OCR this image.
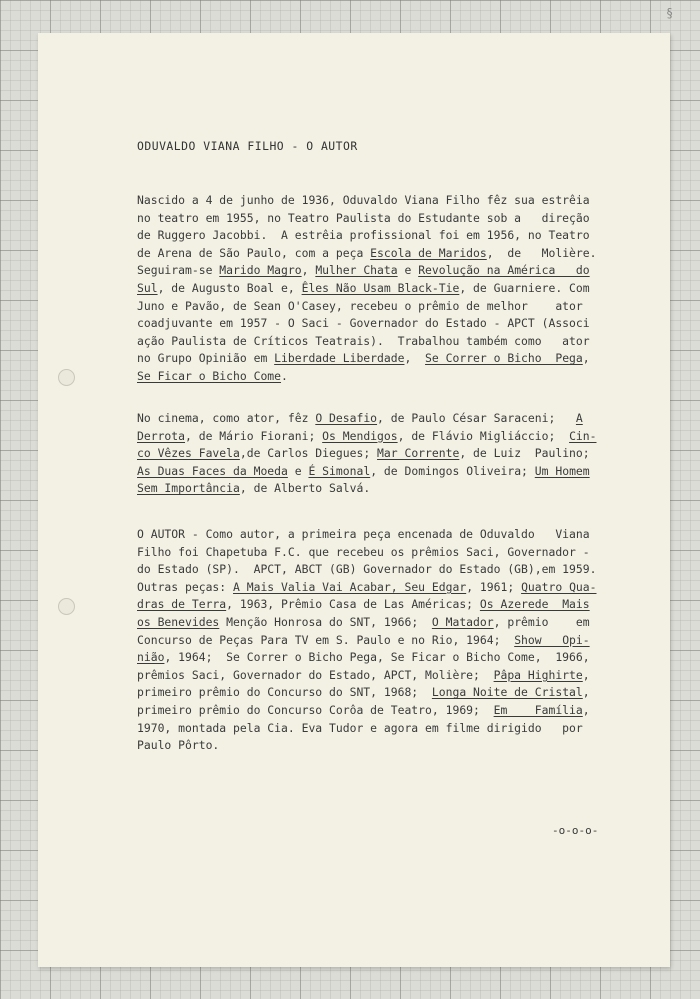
§
ODUVALDO VIANA FILHO - O AUTOR
Nascido a 4 de junho de 1936, Oduvaldo Viana Filho fêz sua estrêia
no teatro em 1955, no Teatro Paulista do Estudante sob a   direção
de Ruggero Jacobbi.  A estrêia profissional foi em 1956, no Teatro
de Arena de São Paulo, com a peça Escola de Maridos,  de   Molière.
Seguiram-se Marido Magro, Mulher Chata e Revolução na América   do
Sul, de Augusto Boal e, Êles Não Usam Black-Tie, de Guarniere. Com
Juno e Pavão, de Sean O'Casey, recebeu o prêmio de melhor    ator
coadjuvante em 1957 - O Saci - Governador do Estado - APCT (Associ
ação Paulista de Críticos Teatrais).  Trabalhou também como   ator
no Grupo Opinião em Liberdade Liberdade,  Se Correr o Bicho  Pega,
Se Ficar o Bicho Come.
No cinema, como ator, fêz O Desafio, de Paulo César Saraceni;   A
Derrota, de Mário Fiorani; Os Mendigos, de Flávio Migliáccio;  Cin-
co Vêzes Favela,de Carlos Diegues; Mar Corrente, de Luiz  Paulino;
As Duas Faces da Moeda e É Simonal, de Domingos Oliveira; Um Homem
Sem Importância, de Alberto Salvá.
O AUTOR - Como autor, a primeira peça encenada de Oduvaldo   Viana
Filho foi Chapetuba F.C. que recebeu os prêmios Saci, Governador -
do Estado (SP).  APCT, ABCT (GB) Governador do Estado (GB),em 1959.
Outras peças: A Mais Valia Vai Acabar, Seu Edgar, 1961; Quatro Qua-
dras de Terra, 1963, Prêmio Casa de Las Américas; Os Azerede  Mais
os Benevides Menção Honrosa do SNT, 1966;  O Matador, prêmio    em
Concurso de Peças Para TV em S. Paulo e no Rio, 1964;  Show   Opi-
nião, 1964;  Se Correr o Bicho Pega, Se Ficar o Bicho Come,  1966,
prêmios Saci, Governador do Estado, APCT, Molière;  Pâpa Highirte,
primeiro prêmio do Concurso do SNT, 1968;  Longa Noite de Cristal,
primeiro prêmio do Concurso Corôa de Teatro, 1969;  Em    Família,
1970, montada pela Cia. Eva Tudor e agora em filme dirigido   por
Paulo Pôrto.
-o-o-o-
